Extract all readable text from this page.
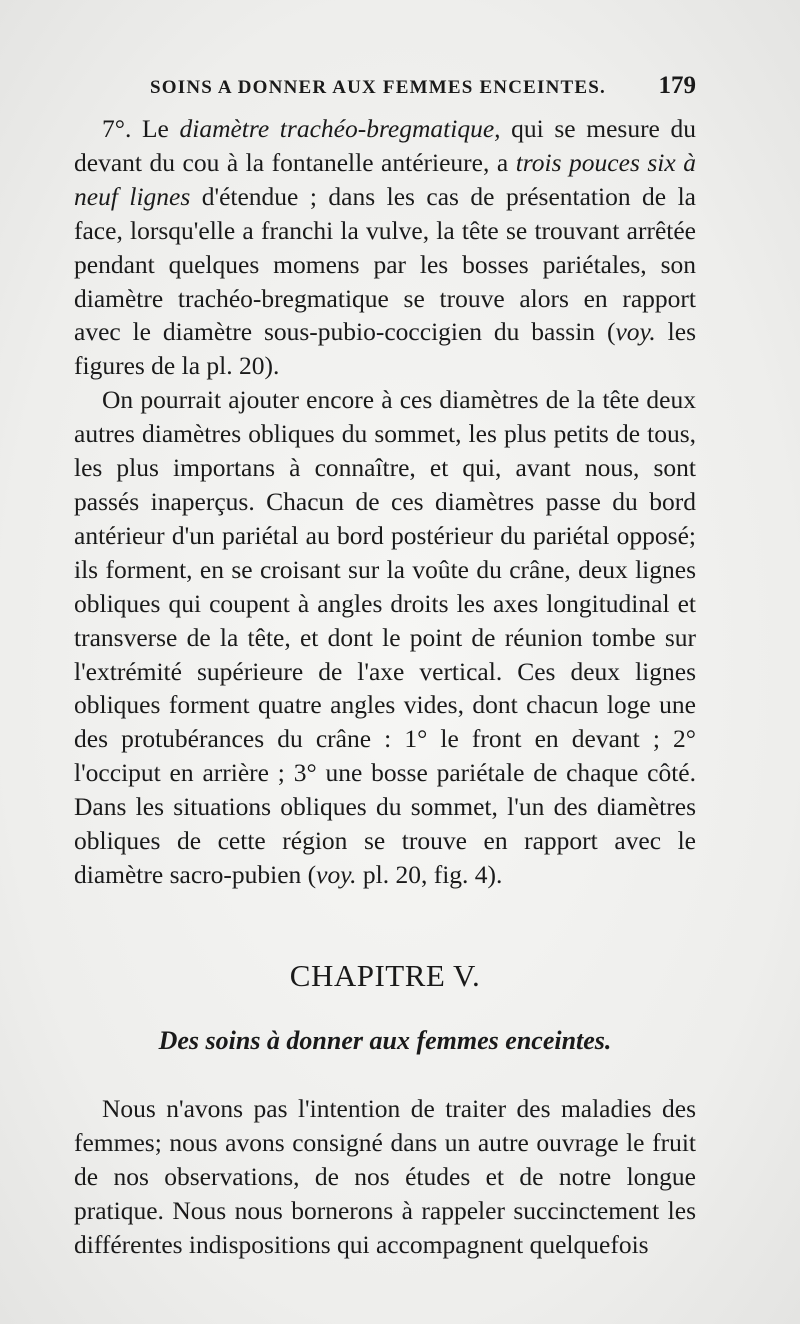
SOINS A DONNER AUX FEMMES ENCEINTES. 179

7°. Le diamètre trachéo-bregmatique, qui se mesure du devant du cou à la fontanelle antérieure, a trois pouces six à neuf lignes d'étendue ; dans les cas de présentation de la face, lorsqu'elle a franchi la vulve, la tête se trouvant arrêtée pendant quelques momens par les bosses pariétales, son diamètre trachéo-bregmatique se trouve alors en rapport avec le diamètre sous-pubio-coccigien du bassin (voy. les figures de la pl. 20).

On pourrait ajouter encore à ces diamètres de la tête deux autres diamètres obliques du sommet, les plus petits de tous, les plus importans à connaître, et qui, avant nous, sont passés inaperçus. Chacun de ces diamètres passe du bord antérieur d'un pariétal au bord postérieur du pariétal opposé; ils forment, en se croisant sur la voûte du crâne, deux lignes obliques qui coupent à angles droits les axes longitudinal et transverse de la tête, et dont le point de réunion tombe sur l'extrémité supérieure de l'axe vertical. Ces deux lignes obliques forment quatre angles vides, dont chacun loge une des protubérances du crâne : 1° le front en devant ; 2° l'occiput en arrière ; 3° une bosse pariétale de chaque côté. Dans les situations obliques du sommet, l'un des diamètres obliques de cette région se trouve en rapport avec le diamètre sacro-pubien (voy. pl. 20, fig. 4).

CHAPITRE V.
Des soins à donner aux femmes enceintes.

Nous n'avons pas l'intention de traiter des maladies des femmes; nous avons consigné dans un autre ouvrage le fruit de nos observations, de nos études et de notre longue pratique. Nous nous bornerons à rappeler succinctement les différentes indispositions qui accompagnent quelquefois
